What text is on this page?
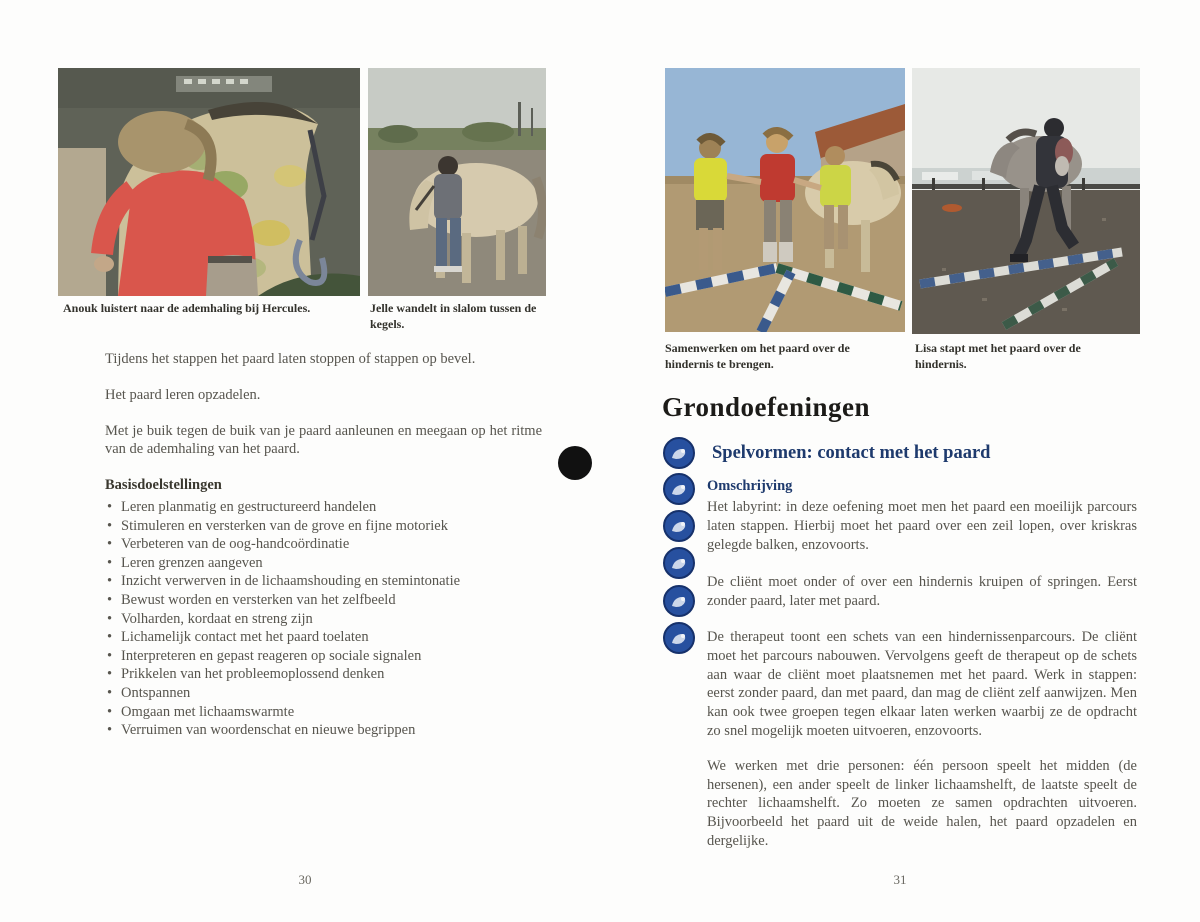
Anouk luistert naar de ademhaling bij Hercules.	Jelle wandelt in slalom tussen de kegels.

Tijdens het stappen het paard laten stoppen of stappen op bevel.

Het paard leren opzadelen.

Met je buik tegen de buik van je paard aanleunen en meegaan op het ritme van de ademhaling van het paard.

Basisdoelstellingen
• Leren planmatig en gestructureerd handelen
• Stimuleren en versterken van de grove en fijne motoriek
• Verbeteren van de oog-handcoördinatie
• Leren grenzen aangeven
• Inzicht verwerven in de lichaamshouding en stemintonatie
• Bewust worden en versterken van het zelfbeeld
• Volharden, kordaat en streng zijn
• Lichamelijk contact met het paard toelaten
• Interpreteren en gepast reageren op sociale signalen
• Prikkelen van het probleemoplossend denken
• Ontspannen
• Omgaan met lichaamswarmte
• Verruimen van woordenschat en nieuwe begrippen
30
Samenwerken om het paard over de hindernis te brengen.
Lisa stapt met het paard over de hindernis.
Grondoefeningen
Spelvormen: contact met het paard
Omschrijving

Het labyrint: in deze oefening moet men het paard een moeilijk parcours laten stappen. Hierbij moet het paard over een zeil lopen, over kriskras gelegde balken, enzovoorts.

De cliënt moet onder of over een hindernis kruipen of springen. Eerst zonder paard, later met paard.

De therapeut toont een schets van een hindernissenparcours. De cliënt moet het parcours nabouwen. Vervolgens geeft de therapeut op de schets aan waar de cliënt moet plaatsnemen met het paard. Werk in stappen: eerst zonder paard, dan met paard, dan mag de cliënt zelf aanwijzen. Men kan ook twee groepen tegen elkaar laten werken waarbij ze de opdracht zo snel mogelijk moeten uitvoeren, enzovoorts.

We werken met drie personen: één persoon speelt het midden (de hersenen), een ander speelt de linker lichaamshelft, de laatste speelt de rechter lichaamshelft. Zo moeten ze samen opdrachten uitvoeren. Bijvoorbeeld het paard uit de weide halen, het paard opzadelen en dergelijke.

31
